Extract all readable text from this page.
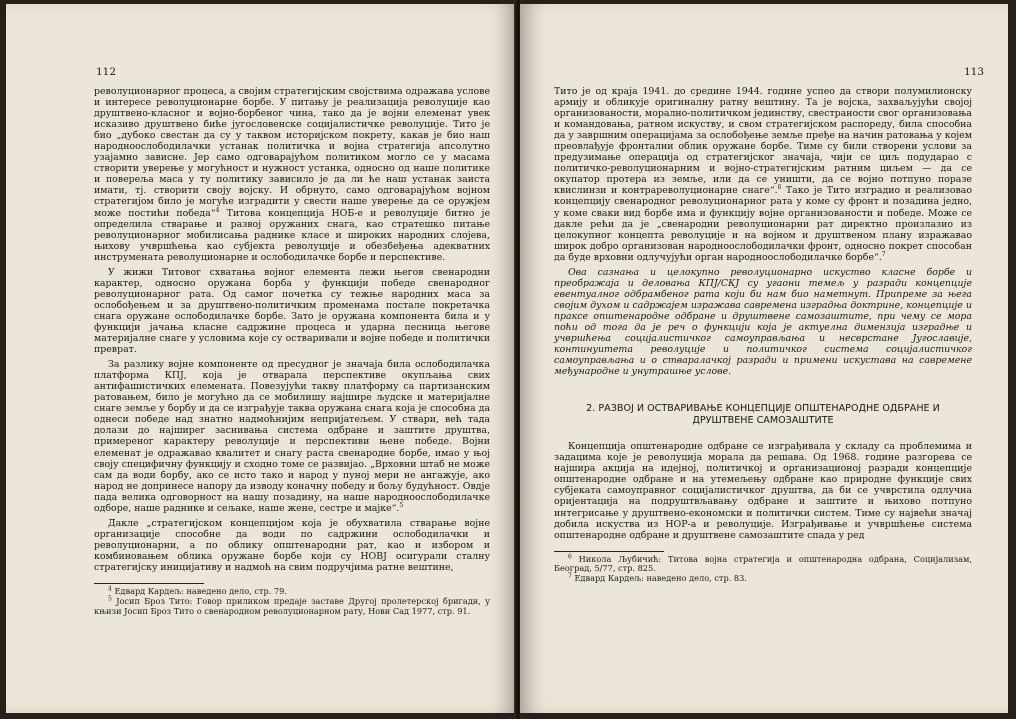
112

револуционарног процеса, а својим стратегијским својствима одражава услове и интересе револуционарне борбе. У питању је реализација револуције као друштвено-класног и војно-борбеног чина, тако да је војни елеменат увек исказиво друштвено биће југословенске социјалистичке револуције. Тито је био „дубоко свестан да су у таквом историјском покрету, какав је био наш народноослободилачки устанак политичка и војна стратегија апсолутно узајамно зависне. Јер само одговарајућом политиком могло се у масама створити уверење у могућност и нужност устанка, односно од наше политике и повереља маса у ту политику зависило је да ли ће наш устанак заиста имати, тј. створити своју војску. И обрнуто, само одговарајућом војном стратегијом било је могуће изградити у свести наше уверење да се оружјем може постићи победа“$^4$ Титова концепција НОБ-е и револуције битно је определила стварање и развој оружаних снага, као стратешко питање револуционарног мобилисања раднике класе и широких народних слојева, њихову учвршћења као субјекта револуције и обезбеђења адекватних инструмената револуционарне и ослободилачке борбе и перспективе.

У жижи Титовог схватања војног елемента лежи његов свенародни карактер, односно оружана борба у функцији победе свенародног револуционарног рата. Од самог почетка су тежње народних маса за ослобођењем и за друштвено-политичким променама постале покретачка снага оружане ослободилачке борбе. Зато је оружана компонента била и у функцији јачања класне садржине процеса и ударна песница његове материјалне снаге у условима које су остваривали и војне победе и политички преврат.

За разлику војне компоненте од пресудног је значаја била ослободилачка платформа КПЈ, која је отварала перспективе окупљања свих антифашистичких елемената. Повезујући такву платформу са партизанским ратовањем, било је могућно да се мобилишу најшире људске и материјалне снаге земље у борбу и да се изграђује таква оружана снага која је способна да однеси победе над знатно надмоћнијим непријатељем. У ствари, већ тада долази до најширег заснивања система одбране и заштите друштва, примереног карактеру револуције и перспективи њене победе. Војни елеменат је одражавао квалитет и снагу раста свенародне борбе, имао у њој своју специфичну функцију и сходно томе се развијао. „Врховни штаб не може сам да води борбу, ако се исто тако и народ у пуној мери не ангажује, ако народ не допринесе напору да изводу коначну победу и бољу будућност. Овдје пада велика одговорност на нашу позадину, на наше народноослободилачке одборе, наше раднике и сељаке, наше жене, сестре и мајке“.$^5$

Дакле „стратегијском концепцијом која је обухватила стварање војне организације способне да води по садржини ослободилачки и револуционарни, а по облику општенародни рат, као и избором и комбиновањем облика оружане борбе који су НОВЈ осигурали сталну стратегијску иницијативу и надмоћ на свим подручјима ратне вештине,

$^4$ Едвард Кардељ: наведено дело, стр. 79.

$^5$ Јосип Броз Тито: Говор приликом предаје заставе Другој пролетерској бригади, у књизи Јосип Броз Тито о свенародном револуционарном рату, Нови Сад 1977, стр. 91.

113

Тито је од краја 1941. до средине 1944. године успео да створи полумилионску армију и обликује оригиналну ратну вештину. Та је војска, захваљујући својој организованости, морално-политичком јединству, свестраности свог организовања и командовања, ратном искуству, и свом стратегијском распореду, била способна да у завршним операцијама за ослобођење земље пређе на начин ратовања у којем преовлађује фронтални облик оружане борбе. Тиме су били створени услови за предузимање операција од стратегијског значаја, чији се циљ подударао с политичко-револуционарним и војно-стратегијским ратним циљем — да се окупатор протера из земље, или да се уништи, да се војно потпуно поразе квислинзи и контрареволуционарне снаге“.$^6$ Тако је Тито изградио и реализовао концепцију свенародног револуционарног рата у коме су фронт и позадина једно, у коме сваки вид борбе има и функцију војне организованости и победе. Може се дакле рећи да је „свенародни револуционарни рат директно произлазио из целокупног концепта револуције и на војном и друштвеном плану изражавао широк добро организован народноослободилачки фронт, односно покрет способан да буде врховни одлучујући орган народноослободилачке борбе“.$^7$

Ова сазнања и целокупно револуционарно искуство класне борбе и преображаја и деловања КПЈ/СКЈ су угаони темељ у разради концепције евентуалног одбрамбеног рата који би нам био наметнут. Припреме за њега својим духом и садржајем изражава савремена изградња доктрине, концепције и праксе општенародне одбране и друштвене самозаштите, при чему се мора поћи од тога да је реч о функцији која је актуелна димензија изградње и учвршћења социјалистичког самоуправљања и несврстане Југославије, континуитета револуције и политичког система социјалистичког самоуправљања и о стваралачкој разради и примени искустава на савремене међународне и унутрашње услове.

2. РАЗВОЈ И ОСТВАРИВАЊЕ КОНЦЕПЦИЈЕ ОПШТЕНАРОДНЕ ОДБРАНЕ И ДРУШТВЕНЕ САМОЗАШТИТЕ

Концепција општенародне одбране се изграђивала у складу са проблемима и задацима које је револуција морала да решава. Од 1968. године разгорева се најшира акција на идејној, политичкој и организационој разради концепције општенародне одбране и на утемељењу одбране као природне функције свих субјеката самоуправног социјалистичког друштва, да би се учврстила одлучна оријентација на подруштвљавању одбране и заштите и њихово потпуно интегрисање у друштвено-економски и политички систем. Тиме су највећи значај добила искуства из НОР-а и револуције. Изграђивање и учвршћење система општенародне одбране и друштвене самозаштите спада у ред

$^6$ Никола Љубичић: Титова војна стратегија и општенародна одбрана, Социјализам, Београд, 5/77, стр. 825.

$^7$ Едвард Кардељ: наведено дело, стр. 83.
